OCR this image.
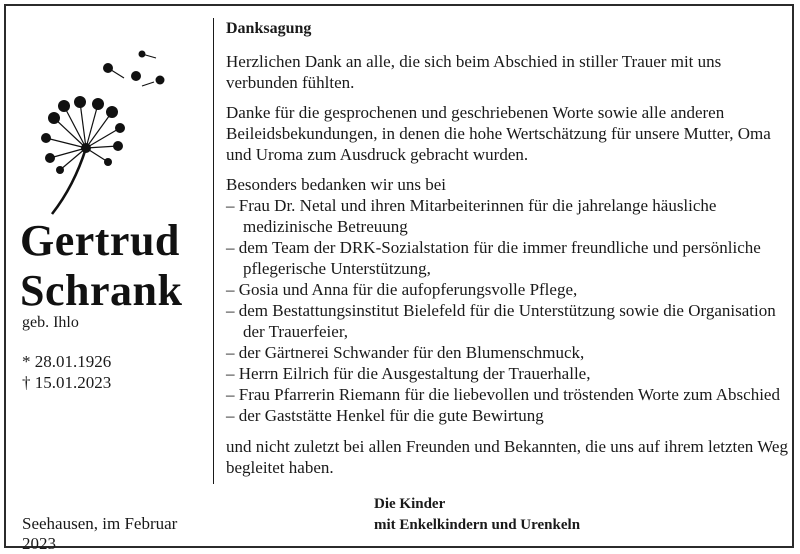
Gertrud
Schrank
geb. Ihlo
* 28.01.1926
† 15.01.2023
Seehausen, im Februar 2023
Danksagung
Herzlichen Dank an alle, die sich beim Abschied in stiller Trauer mit uns verbunden fühlten.
Danke für die gesprochenen und geschriebenen Worte sowie alle anderen Beileidsbekundungen, in denen die hohe Wertschätzung für unsere Mutter, Oma und Uroma zum Ausdruck gebracht wurden.
Besonders bedanken wir uns bei
– Frau Dr. Netal und ihren Mitarbeiterinnen für die jahrelange häusliche medizinische Betreuung
– dem Team der DRK-Sozialstation für die immer freundliche und persönliche pflegerische Unterstützung,
– Gosia und Anna für die aufopferungsvolle Pflege,
– dem Bestattungsinstitut Bielefeld für die Unterstützung sowie die Organisation der Trauerfeier,
– der Gärtnerei Schwander für den Blumenschmuck,
– Herrn Eilrich für die Ausgestaltung der Trauerhalle,
– Frau Pfarrerin Riemann für die liebevollen und tröstenden Worte zum Abschied
– der Gaststätte Henkel für die gute Bewirtung
und nicht zuletzt bei allen Freunden und Bekannten, die uns auf ihrem letzten Weg begleitet haben.
Die Kinder
mit Enkelkindern und Urenkeln
